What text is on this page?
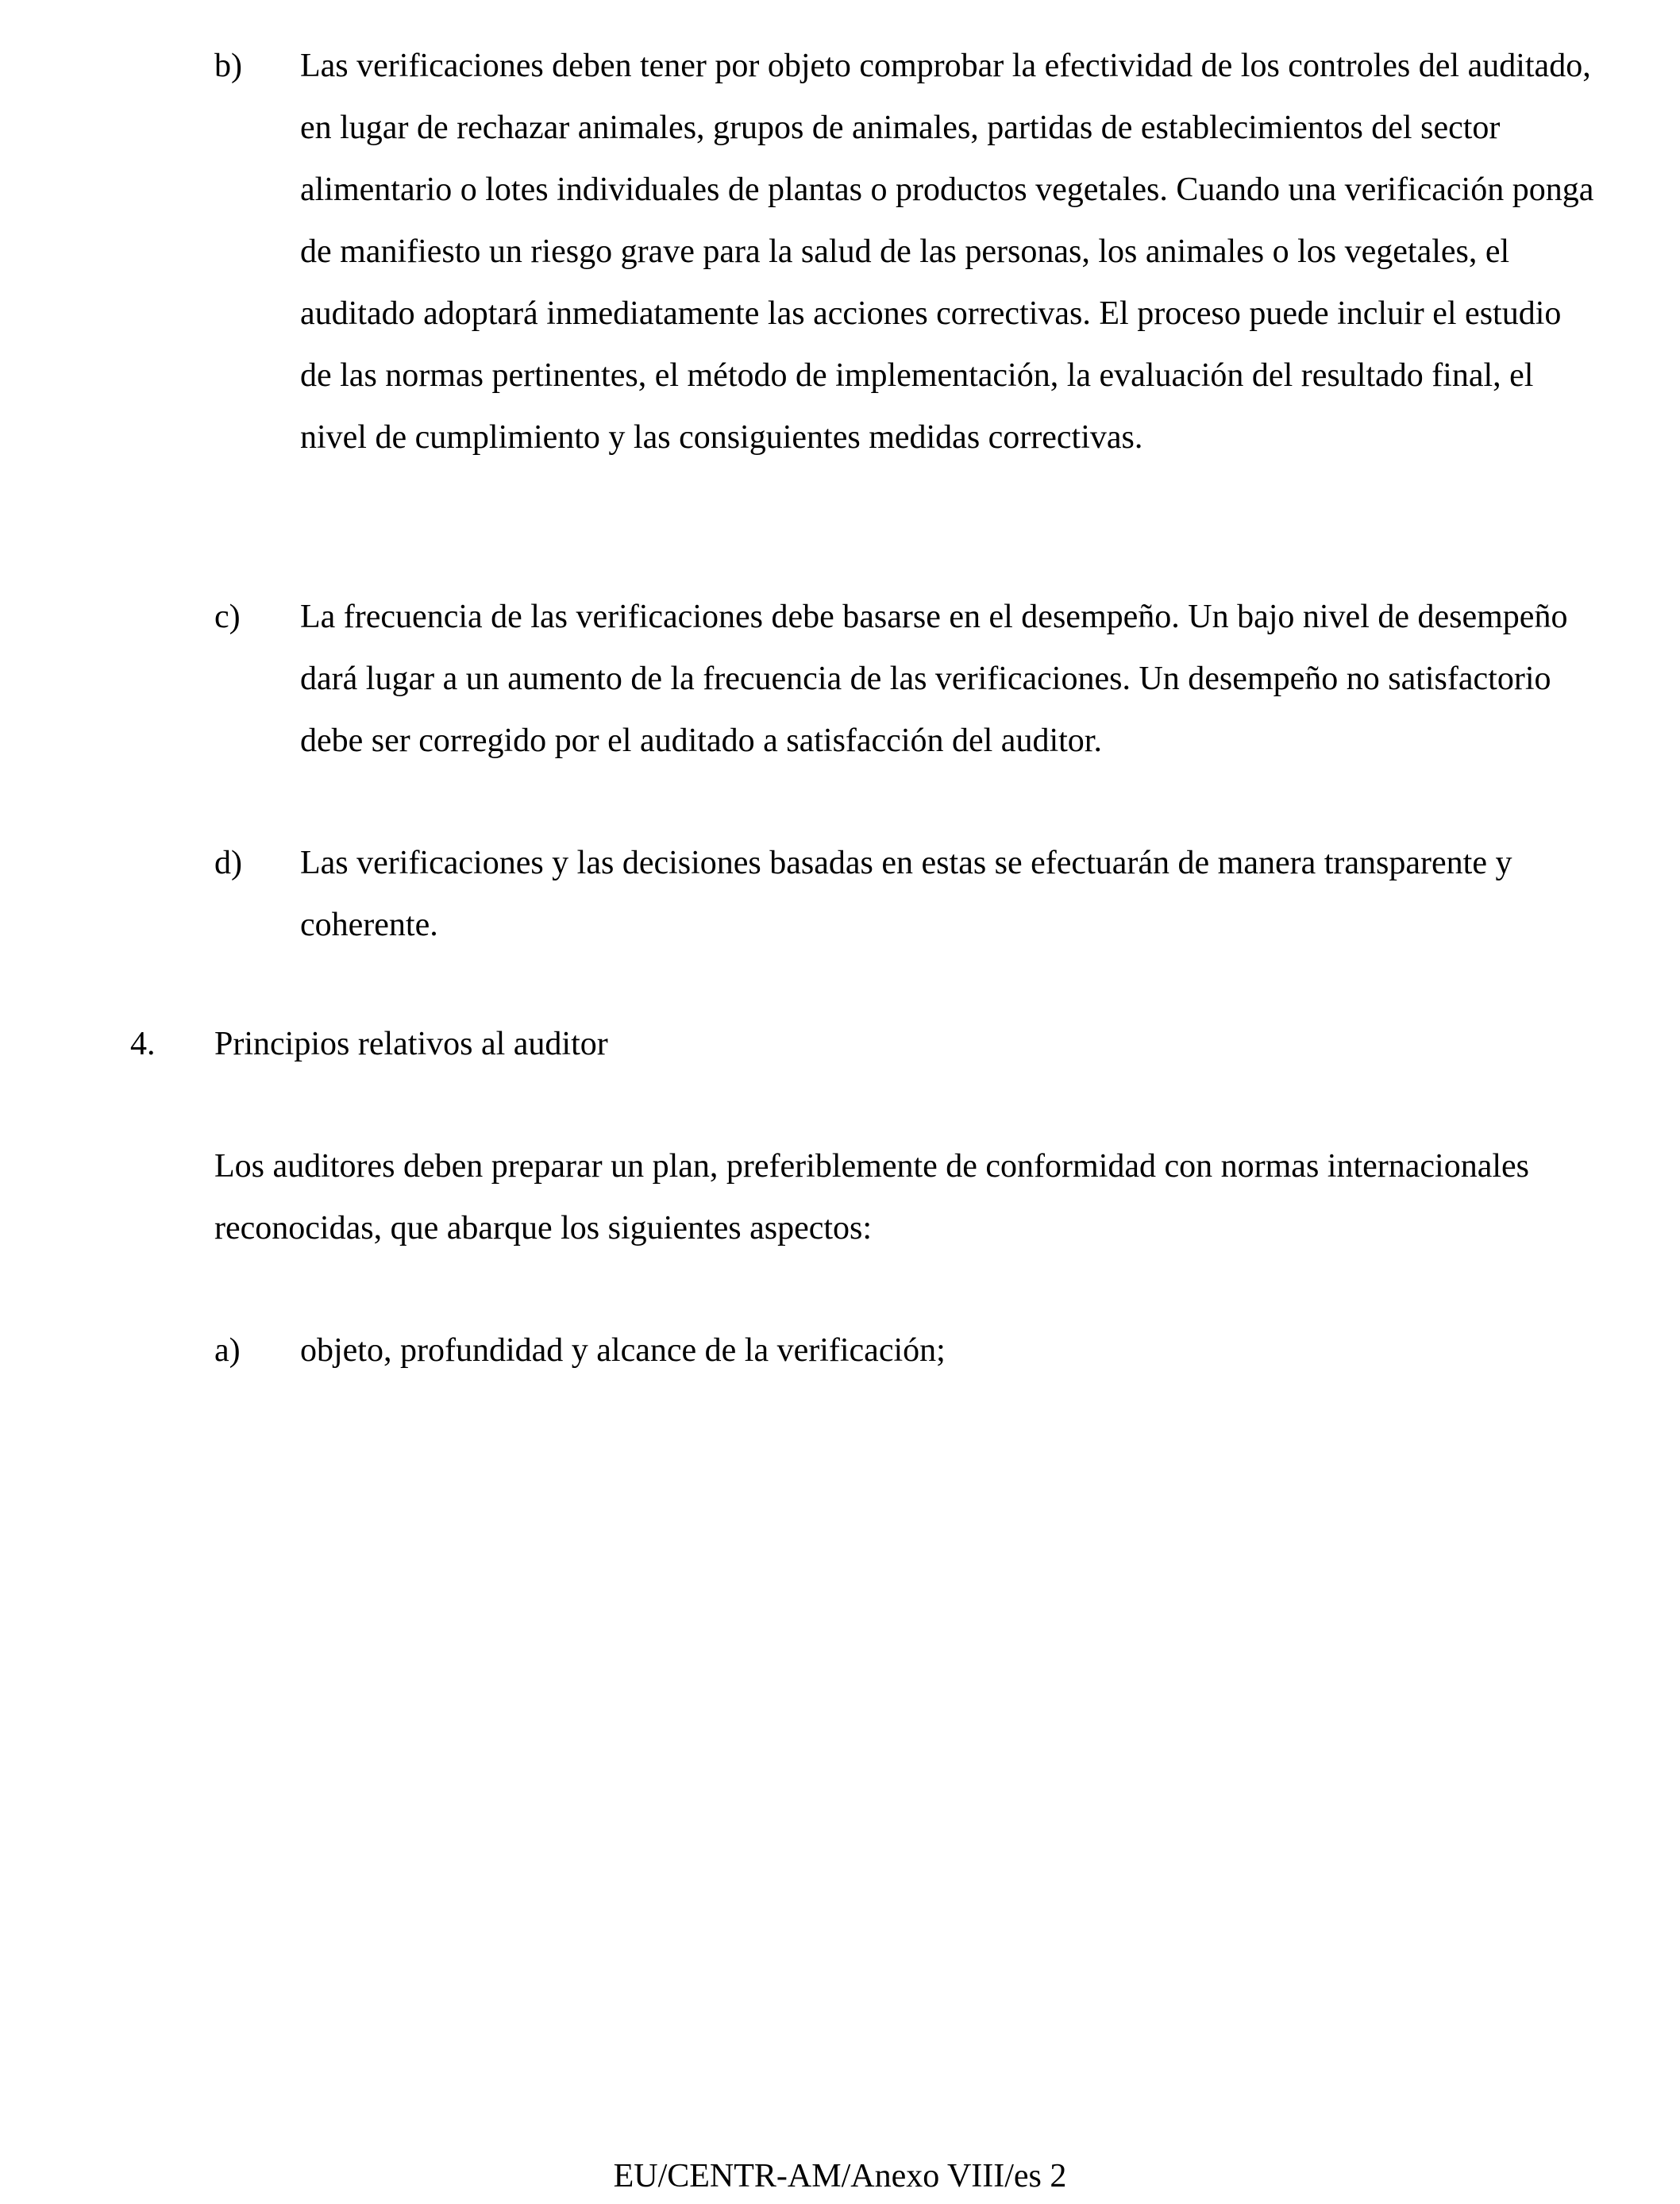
b)	Las verificaciones deben tener por objeto comprobar la efectividad de los controles del auditado, en lugar de rechazar animales, grupos de animales, partidas de establecimientos del sector alimentario o lotes individuales de plantas o productos vegetales. Cuando una verificación ponga de manifiesto un riesgo grave para la salud de las personas, los animales o los vegetales, el auditado adoptará inmediatamente las acciones correctivas. El proceso puede incluir el estudio de las normas pertinentes, el método de implementación, la evaluación del resultado final, el nivel de cumplimiento y las consiguientes medidas correctivas.
c)	La frecuencia de las verificaciones debe basarse en el desempeño. Un bajo nivel de desempeño dará lugar a un aumento de la frecuencia de las verificaciones. Un desempeño no satisfactorio debe ser corregido por el auditado a satisfacción del auditor.
d)	Las verificaciones y las decisiones basadas en estas se efectuarán de manera transparente y coherente.
4. Principios relativos al auditor
Los auditores deben preparar un plan, preferiblemente de conformidad con normas internacionales reconocidas, que abarque los siguientes aspectos:
a)	objeto, profundidad y alcance de la verificación;
EU/CENTR-AM/Anexo VIII/es 2
